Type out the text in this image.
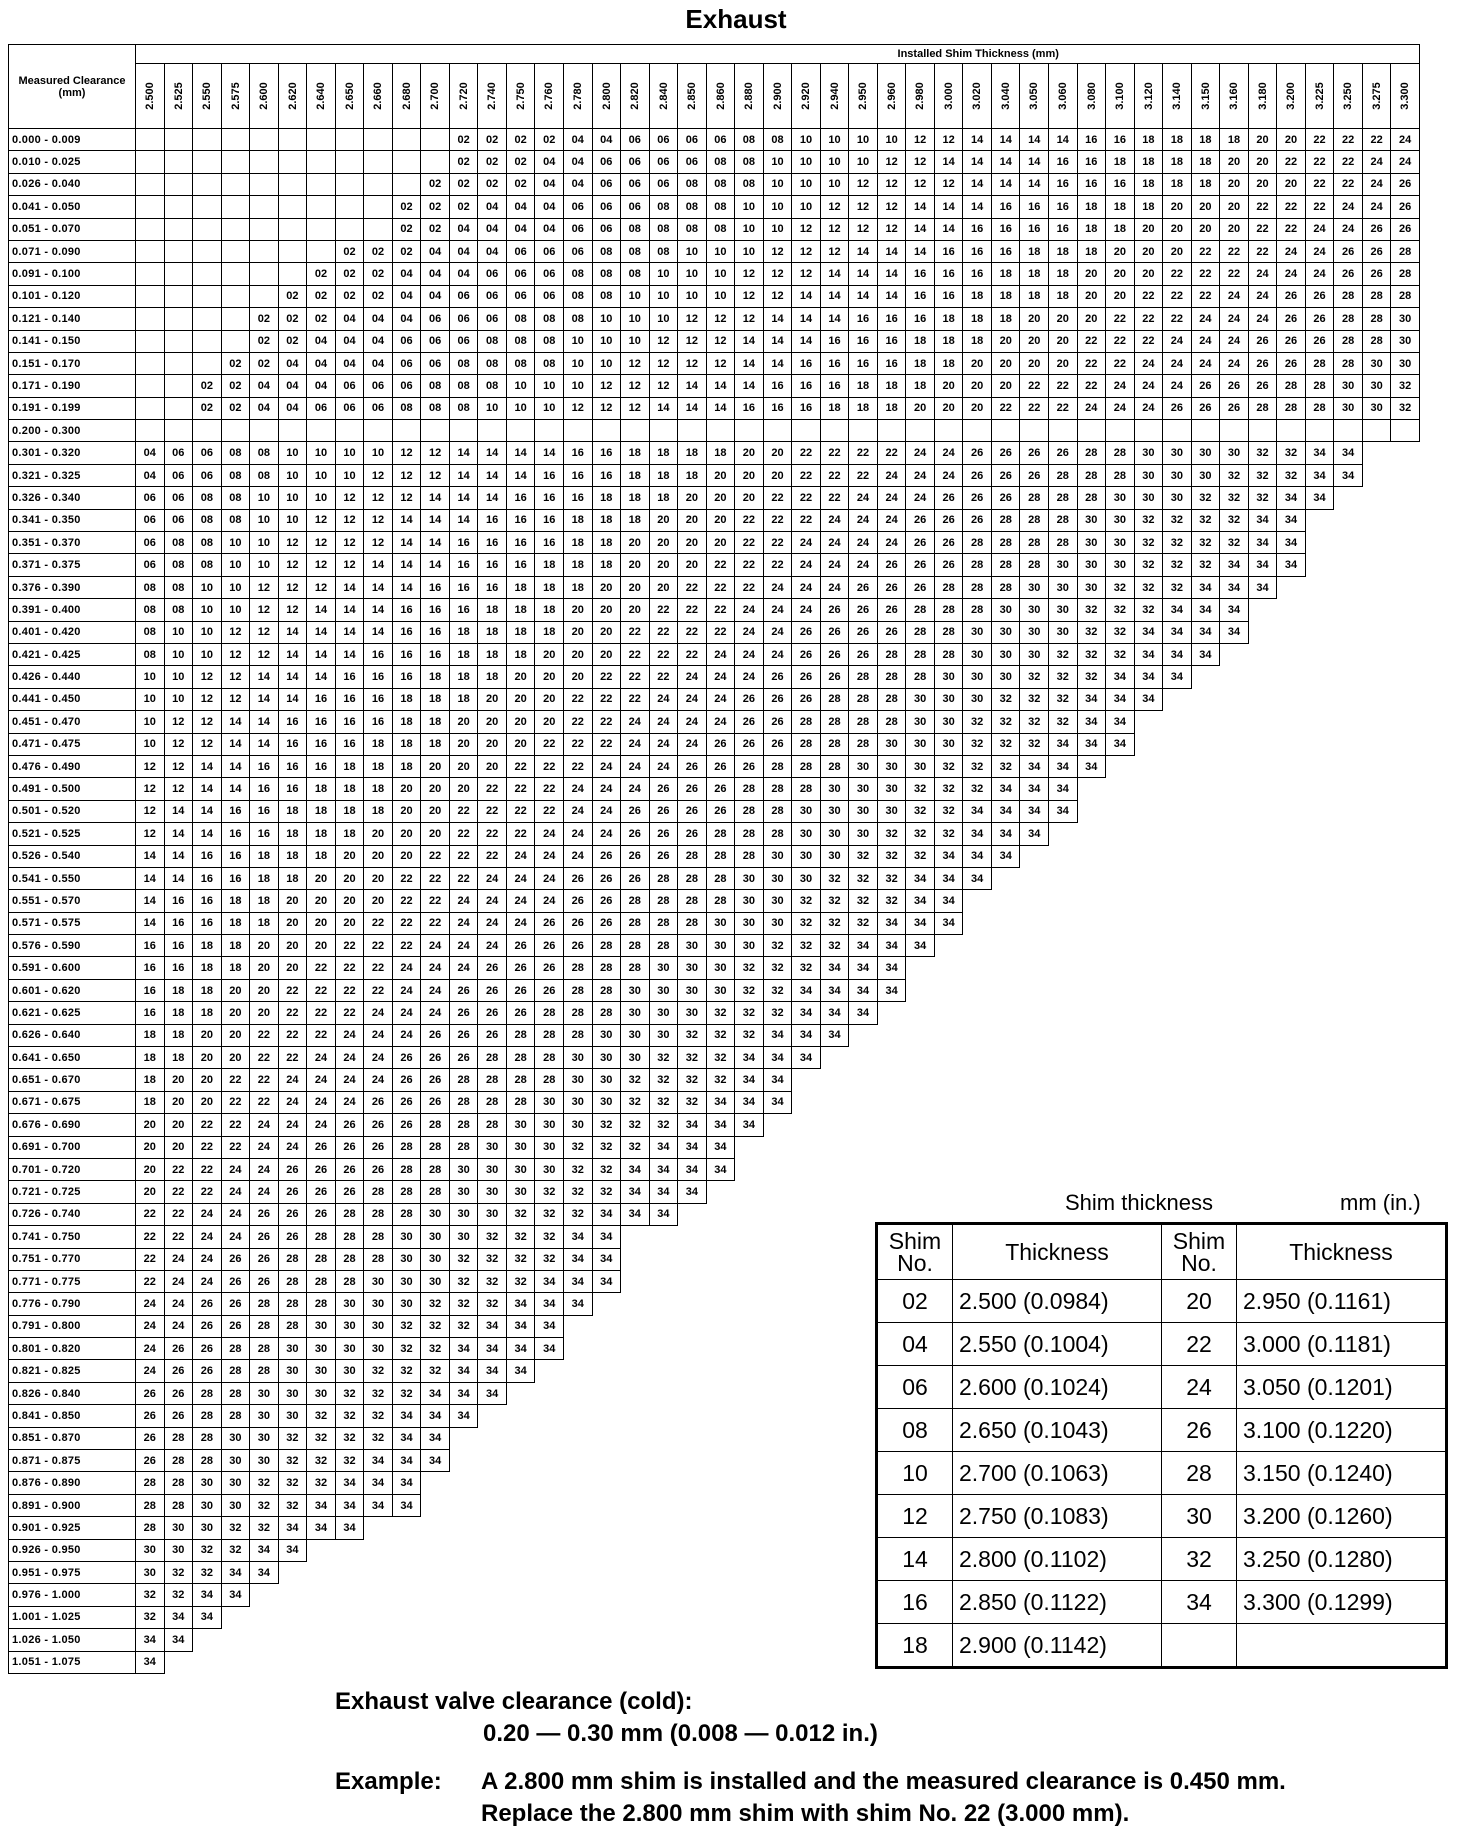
Exhaust
Measured Clearance (mm)	Installed Shim Thickness (mm)																																												
	2.500	2.525	2.550	2.575	2.600	2.620	2.640	2.650	2.660	2.680	2.700	2.720	2.740	2.750	2.760	2.780	2.800	2.820	2.840	2.850	2.860	2.880	2.900	2.920	2.940	2.950	2.960	2.980	3.000	3.020	3.040	3.050	3.060	3.080	3.100	3.120	3.140	3.150	3.160	3.180	3.200	3.225	3.250	3.275	3.300
0.000 - 0.009												02	02	02	02	04	04	06	06	06	06	08	08	10	10	10	10	12	12	14	14	14	14	16	16	18	18	18	18	20	20	22	22	22	24
0.010 - 0.025												02	02	02	04	04	06	06	06	06	08	08	10	10	10	10	12	12	14	14	14	14	16	16	18	18	18	18	20	20	22	22	22	24	24
0.026 - 0.040											02	02	02	02	04	04	06	06	06	08	08	08	10	10	10	12	12	12	12	14	14	14	16	16	16	18	18	18	20	20	20	22	22	24	26
0.041 - 0.050										02	02	02	04	04	04	06	06	06	08	08	08	10	10	10	12	12	12	14	14	14	16	16	16	18	18	18	20	20	20	22	22	22	24	24	26
0.051 - 0.070										02	02	04	04	04	04	06	06	08	08	08	08	10	10	12	12	12	12	14	14	16	16	16	16	18	18	20	20	20	20	22	22	24	24	26	26
0.071 - 0.090								02	02	02	04	04	04	06	06	06	08	08	08	10	10	10	12	12	12	14	14	14	16	16	16	18	18	18	20	20	20	22	22	22	24	24	26	26	28
0.091 - 0.100							02	02	02	04	04	04	06	06	06	08	08	08	10	10	10	12	12	12	14	14	14	16	16	16	18	18	18	20	20	20	22	22	22	24	24	24	26	26	28
0.101 - 0.120						02	02	02	02	04	04	06	06	06	06	08	08	10	10	10	10	12	12	14	14	14	14	16	16	18	18	18	18	20	20	22	22	22	24	24	26	26	28	28	28
0.121 - 0.140					02	02	02	04	04	04	06	06	06	08	08	08	10	10	10	12	12	12	14	14	14	16	16	16	18	18	18	20	20	20	22	22	22	24	24	24	26	26	28	28	30
0.141 - 0.150					02	02	04	04	04	06	06	06	08	08	08	10	10	10	12	12	12	14	14	14	16	16	16	18	18	18	20	20	20	22	22	22	24	24	24	26	26	26	28	28	30
0.151 - 0.170				02	02	04	04	04	04	06	06	08	08	08	08	10	10	12	12	12	12	14	14	16	16	16	16	18	18	20	20	20	20	22	22	24	24	24	24	26	26	28	28	30	30
0.171 - 0.190			02	02	04	04	04	06	06	06	08	08	08	10	10	10	12	12	12	14	14	14	16	16	16	18	18	18	20	20	20	22	22	22	24	24	24	26	26	26	28	28	30	30	32
0.191 - 0.199			02	02	04	04	06	06	06	08	08	08	10	10	10	12	12	12	14	14	14	16	16	16	18	18	18	20	20	20	22	22	22	24	24	24	26	26	26	28	28	28	30	30	32
0.200 - 0.300																																													
0.301 - 0.320	04	06	06	08	08	10	10	10	10	12	12	14	14	14	14	16	16	18	18	18	18	20	20	22	22	22	22	24	24	26	26	26	26	28	28	30	30	30	30	32	32	34	34		
0.321 - 0.325	04	06	06	08	08	10	10	10	12	12	12	14	14	14	16	16	16	18	18	18	20	20	20	22	22	22	24	24	24	26	26	26	28	28	28	30	30	30	32	32	32	34	34		
0.326 - 0.340	06	06	08	08	10	10	10	12	12	12	14	14	14	16	16	16	18	18	18	20	20	20	22	22	22	24	24	24	26	26	26	28	28	28	30	30	30	32	32	32	34	34			
0.341 - 0.350	06	06	08	08	10	10	12	12	12	14	14	14	16	16	16	18	18	18	20	20	20	22	22	22	24	24	24	26	26	26	28	28	28	30	30	32	32	32	32	34	34				
0.351 - 0.370	06	08	08	10	10	12	12	12	12	14	14	16	16	16	16	18	18	20	20	20	20	22	22	24	24	24	24	26	26	28	28	28	28	30	30	32	32	32	32	34	34				
0.371 - 0.375	06	08	08	10	10	12	12	12	14	14	14	16	16	16	18	18	18	20	20	20	22	22	22	24	24	24	26	26	26	28	28	28	30	30	30	32	32	32	34	34	34				
0.376 - 0.390	08	08	10	10	12	12	12	14	14	14	16	16	16	18	18	18	20	20	20	22	22	22	24	24	24	26	26	26	28	28	28	30	30	30	32	32	32	34	34	34					
0.391 - 0.400	08	08	10	10	12	12	14	14	14	16	16	16	18	18	18	20	20	20	22	22	22	24	24	24	26	26	26	28	28	28	30	30	30	32	32	32	34	34	34						
0.401 - 0.420	08	10	10	12	12	14	14	14	14	16	16	18	18	18	18	20	20	22	22	22	22	24	24	26	26	26	26	28	28	30	30	30	30	32	32	34	34	34	34						
0.421 - 0.425	08	10	10	12	12	14	14	14	16	16	16	18	18	18	20	20	20	22	22	22	24	24	24	26	26	26	28	28	28	30	30	30	32	32	32	34	34	34							
0.426 - 0.440	10	10	12	12	14	14	14	16	16	16	18	18	18	20	20	20	22	22	22	24	24	24	26	26	26	28	28	28	30	30	30	32	32	32	34	34	34								
0.441 - 0.450	10	10	12	12	14	14	16	16	16	18	18	18	20	20	20	22	22	22	24	24	24	26	26	26	28	28	28	30	30	30	32	32	32	34	34	34									
0.451 - 0.470	10	12	12	14	14	16	16	16	16	18	18	20	20	20	20	22	22	24	24	24	24	26	26	28	28	28	28	30	30	32	32	32	32	34	34										
0.471 - 0.475	10	12	12	14	14	16	16	16	18	18	18	20	20	20	22	22	22	24	24	24	26	26	26	28	28	28	30	30	30	32	32	32	34	34	34										
0.476 - 0.490	12	12	14	14	16	16	16	18	18	18	20	20	20	22	22	22	24	24	24	26	26	26	28	28	28	30	30	30	32	32	32	34	34	34											
0.491 - 0.500	12	12	14	14	16	16	18	18	18	20	20	20	22	22	22	24	24	24	26	26	26	28	28	28	30	30	30	32	32	32	34	34	34												
0.501 - 0.520	12	14	14	16	16	18	18	18	18	20	20	22	22	22	22	24	24	26	26	26	26	28	28	30	30	30	30	32	32	34	34	34	34												
0.521 - 0.525	12	14	14	16	16	18	18	18	20	20	20	22	22	22	24	24	24	26	26	26	28	28	28	30	30	30	32	32	32	34	34	34													
0.526 - 0.540	14	14	16	16	18	18	18	20	20	20	22	22	22	24	24	24	26	26	26	28	28	28	30	30	30	32	32	32	34	34	34														
0.541 - 0.550	14	14	16	16	18	18	20	20	20	22	22	22	24	24	24	26	26	26	28	28	28	30	30	30	32	32	32	34	34	34															
0.551 - 0.570	14	16	16	18	18	20	20	20	20	22	22	24	24	24	24	26	26	28	28	28	28	30	30	32	32	32	32	34	34																
0.571 - 0.575	14	16	16	18	18	20	20	20	22	22	22	24	24	24	26	26	26	28	28	28	30	30	30	32	32	32	34	34	34																
0.576 - 0.590	16	16	18	18	20	20	20	22	22	22	24	24	24	26	26	26	28	28	28	30	30	30	32	32	32	34	34	34																	
0.591 - 0.600	16	16	18	18	20	20	22	22	22	24	24	24	26	26	26	28	28	28	30	30	30	32	32	32	34	34	34																		
0.601 - 0.620	16	18	18	20	20	22	22	22	22	24	24	26	26	26	26	28	28	30	30	30	30	32	32	34	34	34	34																		
0.621 - 0.625	16	18	18	20	20	22	22	22	24	24	24	26	26	26	28	28	28	30	30	30	32	32	32	34	34	34																			
0.626 - 0.640	18	18	20	20	22	22	22	24	24	24	26	26	26	28	28	28	30	30	30	32	32	32	34	34	34																				
0.641 - 0.650	18	18	20	20	22	22	24	24	24	26	26	26	28	28	28	30	30	30	32	32	32	34	34	34																					
0.651 - 0.670	18	20	20	22	22	24	24	24	24	26	26	28	28	28	28	30	30	32	32	32	32	34	34																						
0.671 - 0.675	18	20	20	22	22	24	24	24	26	26	26	28	28	28	30	30	30	32	32	32	34	34	34																						
0.676 - 0.690	20	20	22	22	24	24	24	26	26	26	28	28	28	30	30	30	32	32	32	34	34	34																							
0.691 - 0.700	20	20	22	22	24	24	26	26	26	28	28	28	30	30	30	32	32	32	34	34	34																								
0.701 - 0.720	20	22	22	24	24	26	26	26	26	28	28	30	30	30	30	32	32	34	34	34	34																								
0.721 - 0.725	20	22	22	24	24	26	26	26	28	28	28	30	30	30	32	32	32	34	34	34																									
0.726 - 0.740	22	22	24	24	26	26	26	28	28	28	30	30	30	32	32	32	34	34	34																										
0.741 - 0.750	22	22	24	24	26	26	28	28	28	30	30	30	32	32	32	34	34																												
0.751 - 0.770	22	24	24	26	26	28	28	28	28	30	30	32	32	32	32	34	34																												
0.771 - 0.775	22	24	24	26	26	28	28	28	30	30	30	32	32	32	34	34	34																												
0.776 - 0.790	24	24	26	26	28	28	28	30	30	30	32	32	32	34	34	34																													
0.791 - 0.800	24	24	26	26	28	28	30	30	30	32	32	32	34	34	34																														
0.801 - 0.820	24	26	26	28	28	30	30	30	30	32	32	34	34	34	34																														
0.821 - 0.825	24	26	26	28	28	30	30	30	32	32	32	34	34	34																															
0.826 - 0.840	26	26	28	28	30	30	30	32	32	32	34	34	34																																
0.841 - 0.850	26	26	28	28	30	30	32	32	32	34	34	34																																	
0.851 - 0.870	26	28	28	30	30	32	32	32	32	34	34																																		
0.871 - 0.875	26	28	28	30	30	32	32	32	34	34	34																																		
0.876 - 0.890	28	28	30	30	32	32	32	34	34	34																																			
0.891 - 0.900	28	28	30	30	32	32	34	34	34	34																																			
0.901 - 0.925	28	30	30	32	32	34	34	34																																					
0.926 - 0.950	30	30	32	32	34	34																																							
0.951 - 0.975	30	32	32	34	34																																								
0.976 - 1.000	32	32	34	34																																									
1.001 - 1.025	32	34	34																																										
1.026 - 1.050	34	34																																											
1.051 - 1.075	34																																												
Shim thickness	mm (in.)
Shim No.	Thickness	Shim No.	Thickness
02	2.500 (0.0984)	20	2.950 (0.1161)
04	2.550 (0.1004)	22	3.000 (0.1181)
06	2.600 (0.1024)	24	3.050 (0.1201)
08	2.650 (0.1043)	26	3.100 (0.1220)
10	2.700 (0.1063)	28	3.150 (0.1240)
12	2.750 (0.1083)	30	3.200 (0.1260)
14	2.800 (0.1102)	32	3.250 (0.1280)
16	2.850 (0.1122)	34	3.300 (0.1299)
18	2.900 (0.1142)		
Exhaust valve clearance (cold):
0.20 — 0.30 mm (0.008 — 0.012 in.)
Example: A 2.800 mm shim is installed and the measured clearance is 0.450 mm.
Replace the 2.800 mm shim with shim No. 22 (3.000 mm).
